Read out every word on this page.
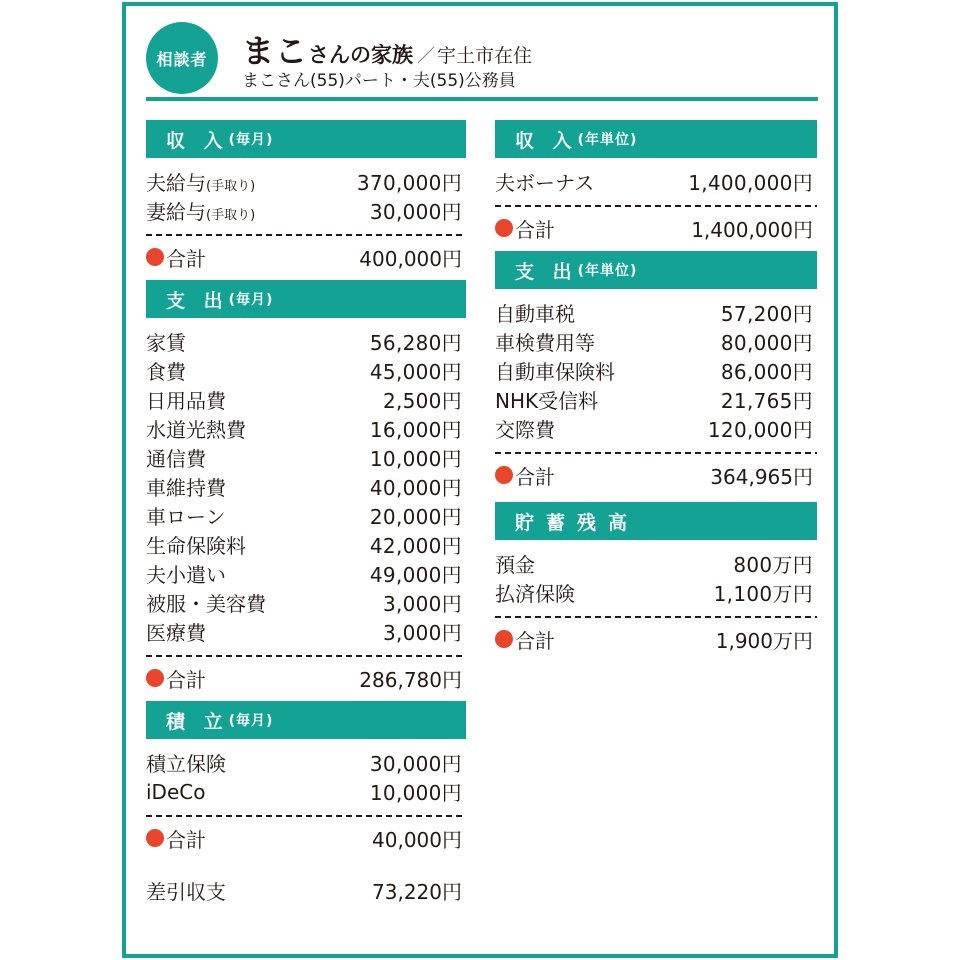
相談者	まこ さんの家族 ／ 宇土市在住
まこさん(55)パート・夫(55)公務員
収 入 (毎月)
夫給与(手取り)	370,000円
妻給与(手取り)	30,000円
合計	400,000円
支 出 (毎月)
家賃	56,280円
食費	45,000円
日用品費	2,500円
水道光熱費	16,000円
通信費	10,000円
車維持費	40,000円
車ローン	20,000円
生命保険料	42,000円
夫小遣い	49,000円
被服・美容費	3,000円
医療費	3,000円
合計	286,780円
積 立 (毎月)
積立保険	30,000円
iDeCo	10,000円
合計	40,000円
差引収支	73,220円
収 入 (年単位)
夫ボーナス	1,400,000円
合計	1,400,000円
支 出 (年単位)
自動車税	57,200円
車検費用等	80,000円
自動車保険料	86,000円
NHK受信料	21,765円
交際費	120,000円
合計	364,965円
貯蓄残高
預金	800万円
払済保険	1,100万円
合計	1,900万円
